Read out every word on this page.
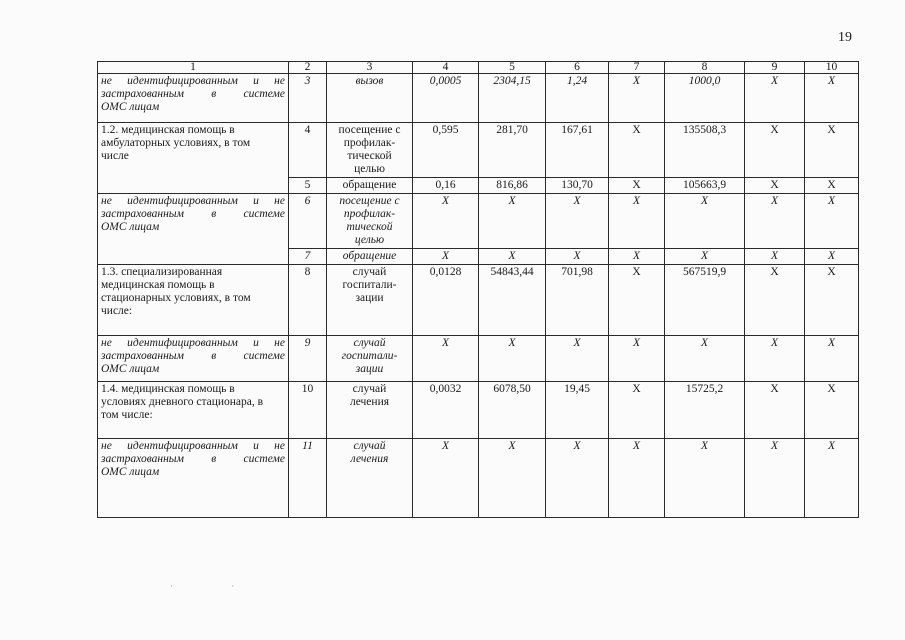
19
1	2	3	4	5	6	7	8	9	10
не идентифицированным и не
застрахованным в системе

ОМС лицам	3	вызов	0,0005	2304,15	1,24	Х	1000,0	Х	Х
1.2. медицинская помощь в
амбулаторных условиях, в том
числе	4	посещение с
профилак-
тической
целью	0,595	281,70	167,61	Х	135508,3	Х	Х
	5	обращение	0,16	816,86	130,70	Х	105663,9	Х	Х
не идентифицированным и не
застрахованным в системе

ОМС лицам	6	посещение с
профилак-
тической
целью	Х	Х	Х	Х	Х	Х	Х
	7	обращение	Х	Х	Х	Х	Х	Х	Х
1.3. специализированная
медицинская помощь в
стационарных условиях, в том
числе:	8	случай
госпитали-
зации	0,0128	54843,44	701,98	Х	567519,9	Х	Х
не идентифицированным и не
застрахованным в системе

ОМС лицам	9	случай
госпитали-
зации	Х	Х	Х	Х	Х	Х	Х
1.4. медицинская помощь в
условиях дневного стационара, в
том числе:	10	случай
лечения	0,0032	6078,50	19,45	Х	15725,2	Х	Х
не идентифицированным и не
застрахованным в системе

ОМС лицам	11	случай
лечения	Х	Х	Х	Х	Х	Х	Х
· ·
